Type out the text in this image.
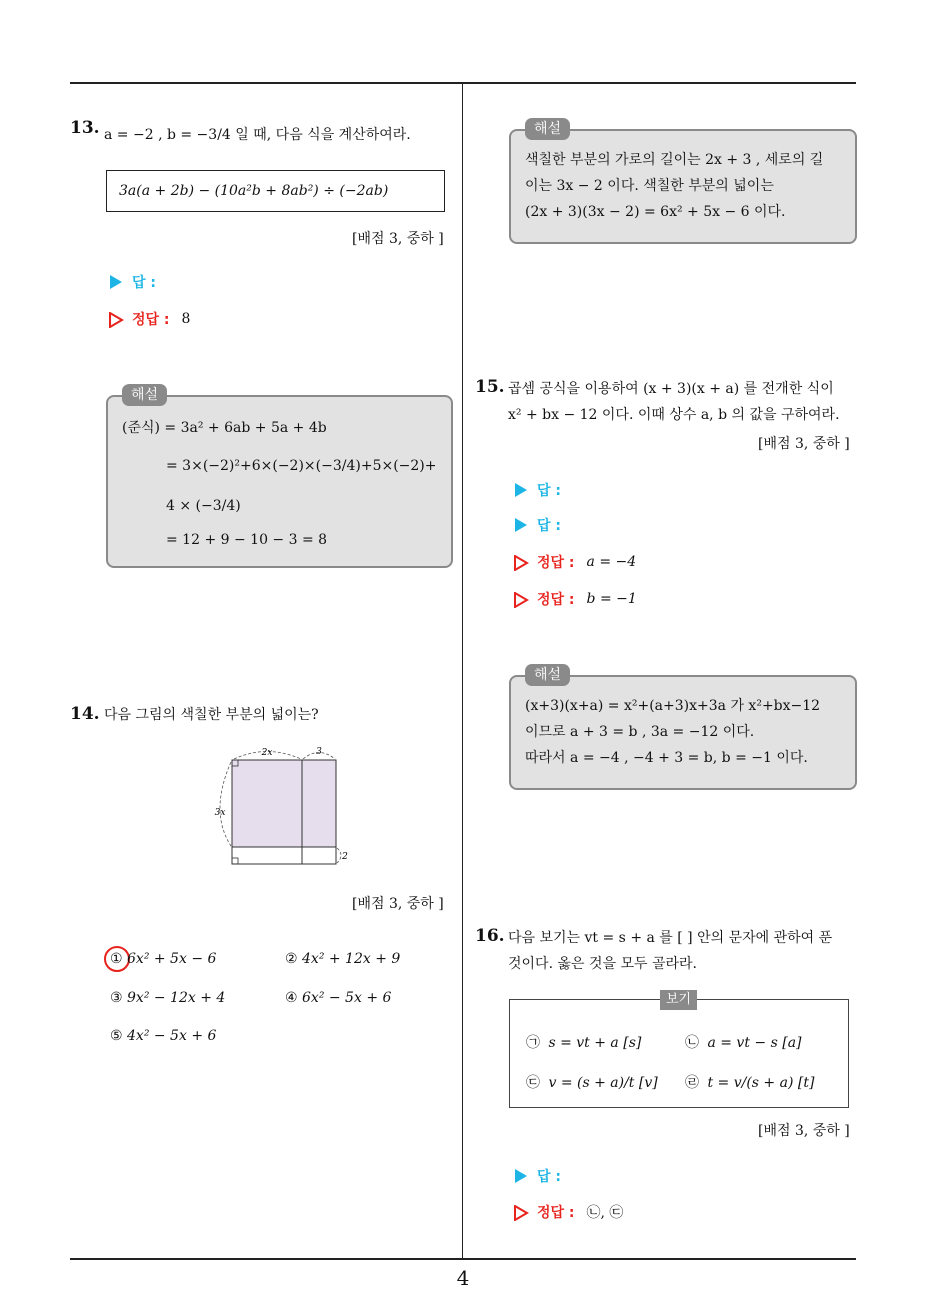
13. a = −2 , b = −3/4 일 때, 다음 식을 계산하여라.
3a(a + 2b) − (10a²b + 8ab²) ÷ (−2ab)
[배점 3, 중하 ]
답 :
정답 : 8
해설
(준식) = 3a² + 6ab + 5a + 4b
= 3×(−2)²+6×(−2)×(−3/4)+5×(−2)+
4 × (−3/4)
= 12 + 9 − 10 − 3 = 8
14. 다음 그림의 색칠한 부분의 넓이는?
2x	3
3x
2
[배점 3, 중하 ]
① 6x² + 5x − 6	② 4x² + 12x + 9
③ 9x² − 12x + 4	④ 6x² − 5x + 6
⑤ 4x² − 5x + 6
해설
색칠한 부분의 가로의 길이는 2x + 3 , 세로의 길
이는 3x − 2 이다. 색칠한 부분의 넓이는
(2x + 3)(3x − 2) = 6x² + 5x − 6 이다.
15. 곱셈 공식을 이용하여 (x + 3)(x + a) 를 전개한 식이
x² + bx − 12 이다. 이때 상수 a, b 의 값을 구하여라.
[배점 3, 중하 ]
답 :
답 :
정답 : a = −4
정답 : b = −1
해설
(x+3)(x+a) = x²+(a+3)x+3a 가 x²+bx−12
이므로 a + 3 = b , 3a = −12 이다.
따라서 a = −4 , −4 + 3 = b, b = −1 이다.
16. 다음 보기는 vt = s + a 를 [ ] 안의 문자에 관하여 푼
것이다. 옳은 것을 모두 골라라.
보기
㉠ s = vt + a [s]	㉡ a = vt − s [a]
㉢ v = (s + a)/t [v] ㉣ t = v/(s + a) [t]
[배점 3, 중하 ]
답 :
정답 : ㉡, ㉢
4
